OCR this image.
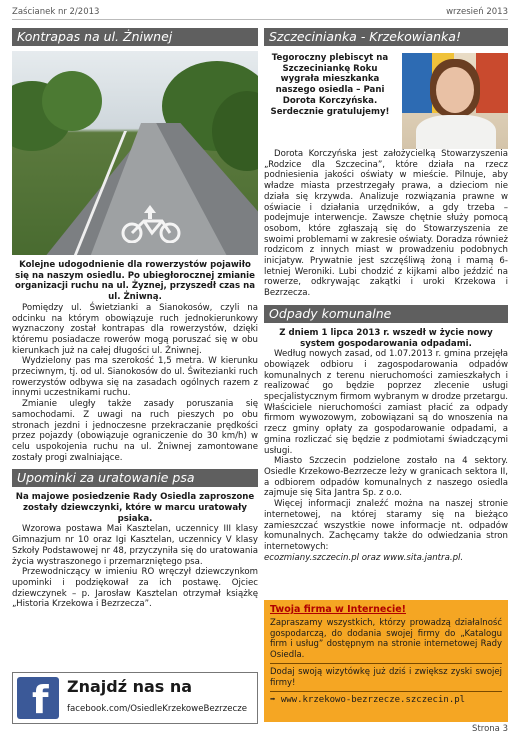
Zaścianek nr 2/2013	wrzesień 2013
Kontrapas na ul. Żniwnej

Kolejne udogodnienie dla rowerzystów pojawiło się na naszym osiedlu. Po ubiegłorocznej zmianie organizacji ruchu na ul. Żyznej, przyszedł czas na ul. Żniwną.

Pomiędzy ul. Świetzianki a Sianokosów, czyli na odcinku na którym obowiązuje ruch jednokierunkowy wyznaczony został kontrapas dla rowerzystów, dzięki któremu posiadacze rowerów mogą poruszać się w obu kierunkach już na całej długości ul. Żniwnej.

Wydzielony pas ma szerokość 1,5 metra. W kierunku przeciwnym, tj. od ul. Sianokosów do ul. Świtezianki ruch rowerzystów odbywa się na zasadach ogólnych razem z innymi uczestnikami ruchu.

Zmianie uległy także zasady poruszania się samochodami. Z uwagi na ruch pieszych po obu stronach jezdni i jednoczesne przekraczanie prędkości przez pojazdy (obowiązuje ograniczenie do 30 km/h) w celu uspokojenia ruchu na ul. Żniwnej zamontowane zostały progi zwalniające.

Upominki za uratowanie psa

Na majowe posiedzenie Rady Osiedla zaproszone zostały dziewczynki, które w marcu uratowały psiaka.

Wzorowa postawa Mai Kasztelan, uczennicy III klasy Gimnazjum nr 10 oraz Igi Kasztelan, uczennicy V klasy Szkoły Podstawowej nr 48, przyczyniła się do uratowania życia wystraszonego i przemarzniętego psa.

Przewodniczący w imieniu RO wręczył dziewczynkom upominki i podziękował za ich postawę. Ojciec dziewczynek – p. Jarosław Kasztelan otrzymał książkę „Historia Krzekowa i Bezrzecza”.

f Znajdź nas na
facebook.com/OsiedleKrzekoweBezrzecze
Szczecinianka - Krzekowianka!
Tegoroczny plebiscyt na Szczeciniankę Roku wygrała mieszkanka naszego osiedla – Pani Dorota Korczyńska. Serdecznie gratulujemy!

Dorota Korczyńska jest założycielką Stowarzyszenia „Rodzice dla Szczecina”, które działa na rzecz podniesienia jakości oświaty w mieście. Pilnuje, aby władze miasta przestrzegały prawa, a dzieciom nie działa się krzywda. Analizuje rozwiązania prawne w oświacie i działania urzędników, a gdy trzeba – podejmuje interwencje. Zawsze chętnie służy pomocą osobom, które zgłaszają się do Stowarzyszenia ze swoimi problemami w zakresie oświaty. Doradza również rodzicom z innych miast w prowadzeniu podobnych inicjatyw. Prywatnie jest szczęśliwą żoną i mamą 6-letniej Weroniki. Lubi chodzić z kijkami albo jeździć na rowerze, odkrywając zakątki i uroki Krzekowa i Bezrzecza.

Odpady komunalne

Z dniem 1 lipca 2013 r. wszedł w życie nowy system gospodarowania odpadami.

Według nowych zasad, od 1.07.2013 r. gmina przejęła obowiązek odbioru i zagospodarowania odpadów komunalnych z terenu nieruchomości zamieszkałych i realizować go będzie poprzez zlecenie usługi specjalistycznym firmom wybranym w drodze przetargu. Właściciele nieruchomości zamiast płacić za odpady firmom wywozowym, zobowiązani są do wnoszenia na rzecz gminy opłaty za gospodarowanie odpadami, a gmina rozliczać się będzie z podmiotami świadczącymi usługi.

Miasto Szczecin podzielone zostało na 4 sektory. Osiedle Krzekowo-Bezrzecze leży w granicach sektora II, a odbiorem odpadów komunalnych z naszego osiedla zajmuje się Sita Jantra Sp. z o.o.

Więcej informacji znaleźć można na naszej stronie internetowej, na której staramy się na bieżąco zamieszczać wszystkie nowe informacje nt. odpadów komunalnych. Zachęcamy także do odwiedzania stron internetowych:

ecozmiany.szczecin.pl oraz www.sita.jantra.pl.

Twoja firma w Internecie!
Zapraszamy wszystkich, którzy prowadzą działalność gospodarczą, do dodania swojej firmy do „Katalogu firm i usług” dostępnym na stronie internetowej Rady Osiedla.
Dodaj swoją wizytówkę już dziś i zwiększ zyski swojej firmy!
➡ www.krzekowo-bezrzecze.szczecin.pl
Strona 3
